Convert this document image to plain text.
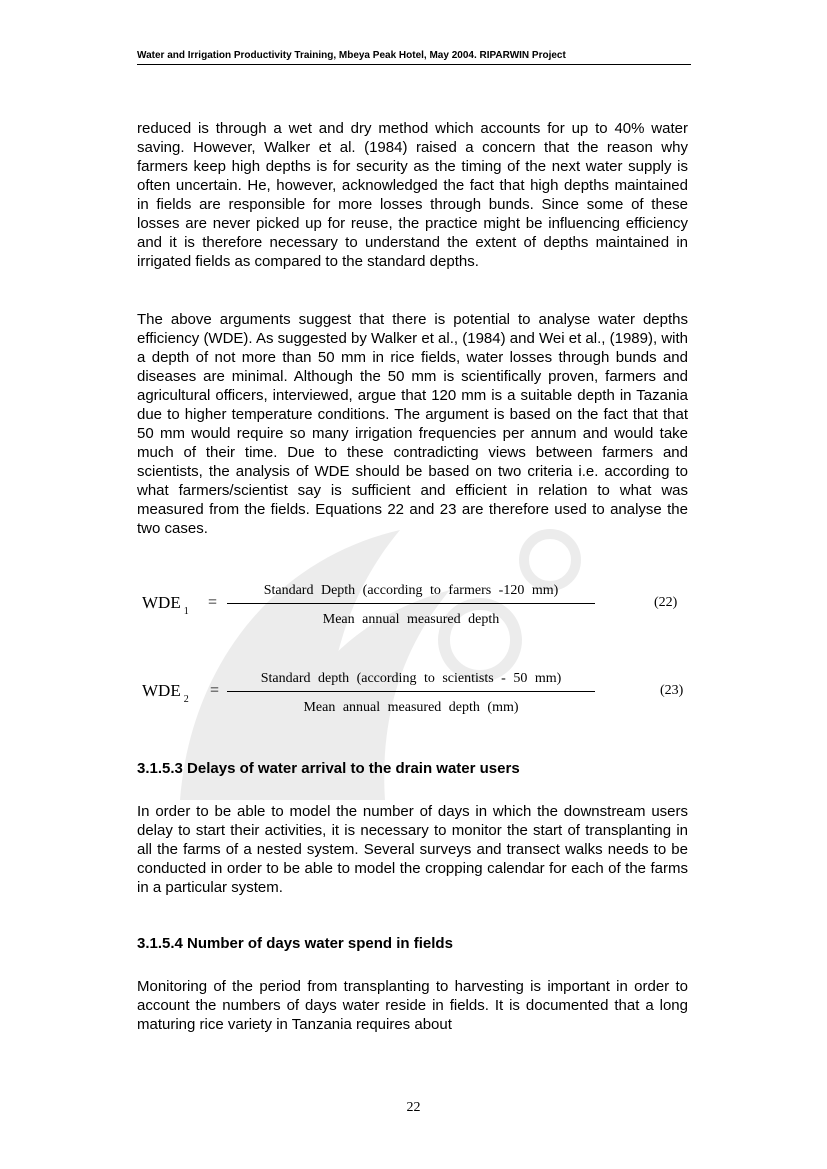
Water and Irrigation Productivity Training, Mbeya Peak Hotel, May 2004. RIPARWIN Project

reduced is through a wet and dry method which accounts for up to 40% water saving. However, Walker et al. (1984) raised a concern that the reason why farmers keep high depths is for security as the timing of the next water supply is often uncertain. He, however, acknowledged the fact that high depths maintained in fields are responsible for more losses through bunds. Since some of these losses are never picked up for reuse, the practice might be influencing efficiency and it is therefore necessary to understand the extent of depths maintained in irrigated fields as compared to the standard depths.

The above arguments suggest that there is potential to analyse water depths efficiency (WDE). As suggested by Walker et al., (1984) and Wei et al., (1989), with a depth of not more than 50 mm in rice fields, water losses through bunds and diseases are minimal. Although the 50 mm is scientifically proven, farmers and agricultural officers, interviewed, argue that 120 mm is a suitable depth in Tazania due to higher temperature conditions. The argument is based on the fact that that 50 mm would require so many irrigation frequencies per annum and would take much of their time. Due to these contradicting views between farmers and scientists, the analysis of WDE should be based on two criteria i.e. according to what farmers/scientist say is sufficient and efficient in relation to what was measured from the fields. Equations 22 and 23 are therefore used to analyse the two cases.

WDE $_1$
=
Standard Depth (according to farmers -120 mm)
Mean annual measured depth
(22)
WDE $_2$
=
Standard depth (according to scientists - 50 mm)
Mean annual measured depth (mm)
(23)
3.1.5.3 Delays of water arrival to the drain water users

In order to be able to model the number of days in which the downstream users delay to start their activities, it is necessary to monitor the start of transplanting in all the farms of a nested system. Several surveys and transect walks needs to be conducted in order to be able to model the cropping calendar for each of the farms in a particular system.

3.1.5.4 Number of days water spend in fields

Monitoring of the period from transplanting to harvesting is important in order to account the numbers of days water reside in fields. It is documented that a long maturing rice variety in Tanzania requires about

22
